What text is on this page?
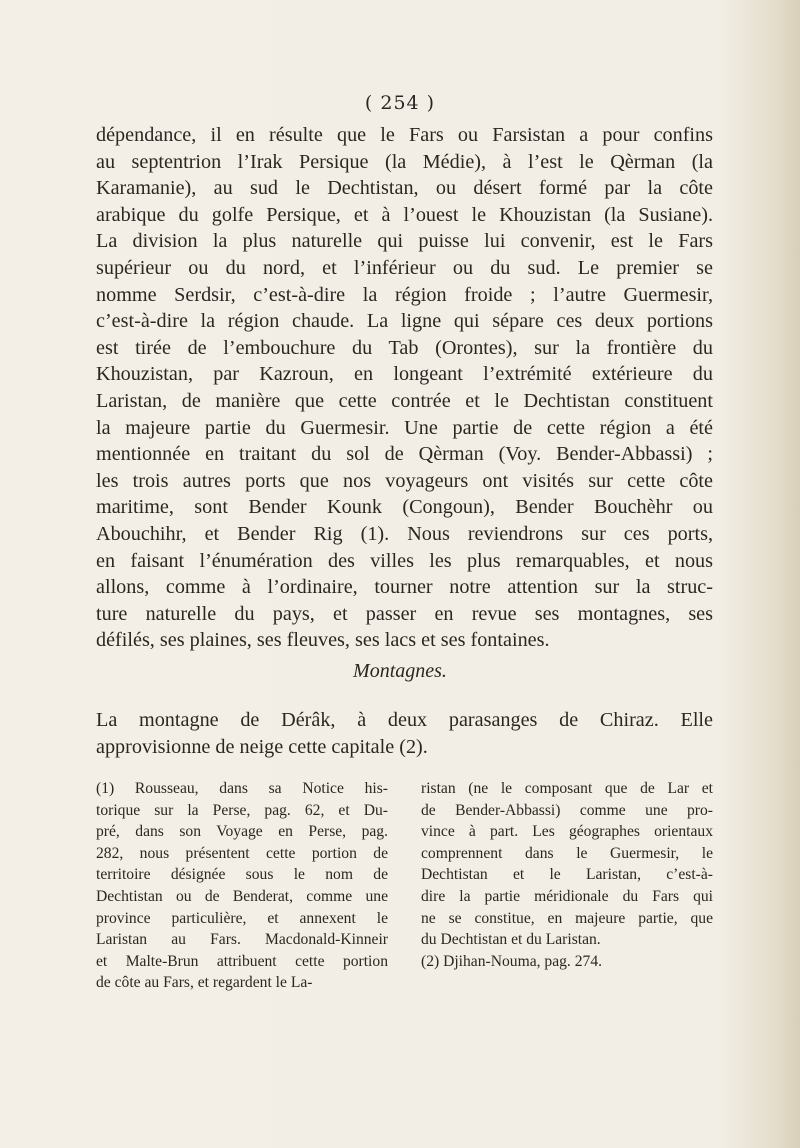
( 254 )
dépendance, il en résulte que le Fars ou Farsistan a pour confins
au septentrion l’Irak Persique (la Médie), à l’est le Qèrman (la
Karamanie), au sud le Dechtistan, ou désert formé par la côte
arabique du golfe Persique, et à l’ouest le Khouzistan (la Susiane).
La division la plus naturelle qui puisse lui convenir, est le Fars
supérieur ou du nord, et l’inférieur ou du sud. Le premier se
nomme Serdsir, c’est-à-dire la région froide ; l’autre Guermesir,
c’est-à-dire la région chaude. La ligne qui sépare ces deux portions
est tirée de l’embouchure du Tab (Orontes), sur la frontière du
Khouzistan, par Kazroun, en longeant l’extrémité extérieure du
Laristan, de manière que cette contrée et le Dechtistan constituent
la majeure partie du Guermesir. Une partie de cette région a été
mentionnée en traitant du sol de Qèrman (Voy. Bender-Abbassi) ;
les trois autres ports que nos voyageurs ont visités sur cette côte
maritime, sont Bender Kounk (Congoun), Bender Bouchèhr ou
Abouchihr, et Bender Rig (1). Nous reviendrons sur ces ports,
en faisant l’énumération des villes les plus remarquables, et nous
allons, comme à l’ordinaire, tourner notre attention sur la struc-
ture naturelle du pays, et passer en revue ses montagnes, ses
défilés, ses plaines, ses fleuves, ses lacs et ses fontaines.
Montagnes.
La montagne de Dérâk, à deux parasanges de Chiraz. Elle
approvisionne de neige cette capitale (2).
(1) Rousseau, dans sa Notice his-
torique sur la Perse, pag. 62, et Du-
pré, dans son Voyage en Perse, pag.
282, nous présentent cette portion de
territoire désignée sous le nom de
Dechtistan ou de Benderat, comme une
province particulière, et annexent le
Laristan au Fars. Macdonald-Kinneir
et Malte-Brun attribuent cette portion
de côte au Fars, et regardent le La-
ristan (ne le composant que de Lar et
de Bender-Abbassi) comme une pro-
vince à part. Les géographes orientaux
comprennent dans le Guermesir, le
Dechtistan et le Laristan, c’est-à-
dire la partie méridionale du Fars qui
ne se constitue, en majeure partie, que
du Dechtistan et du Laristan.
(2) Djihan-Nouma, pag. 274.
